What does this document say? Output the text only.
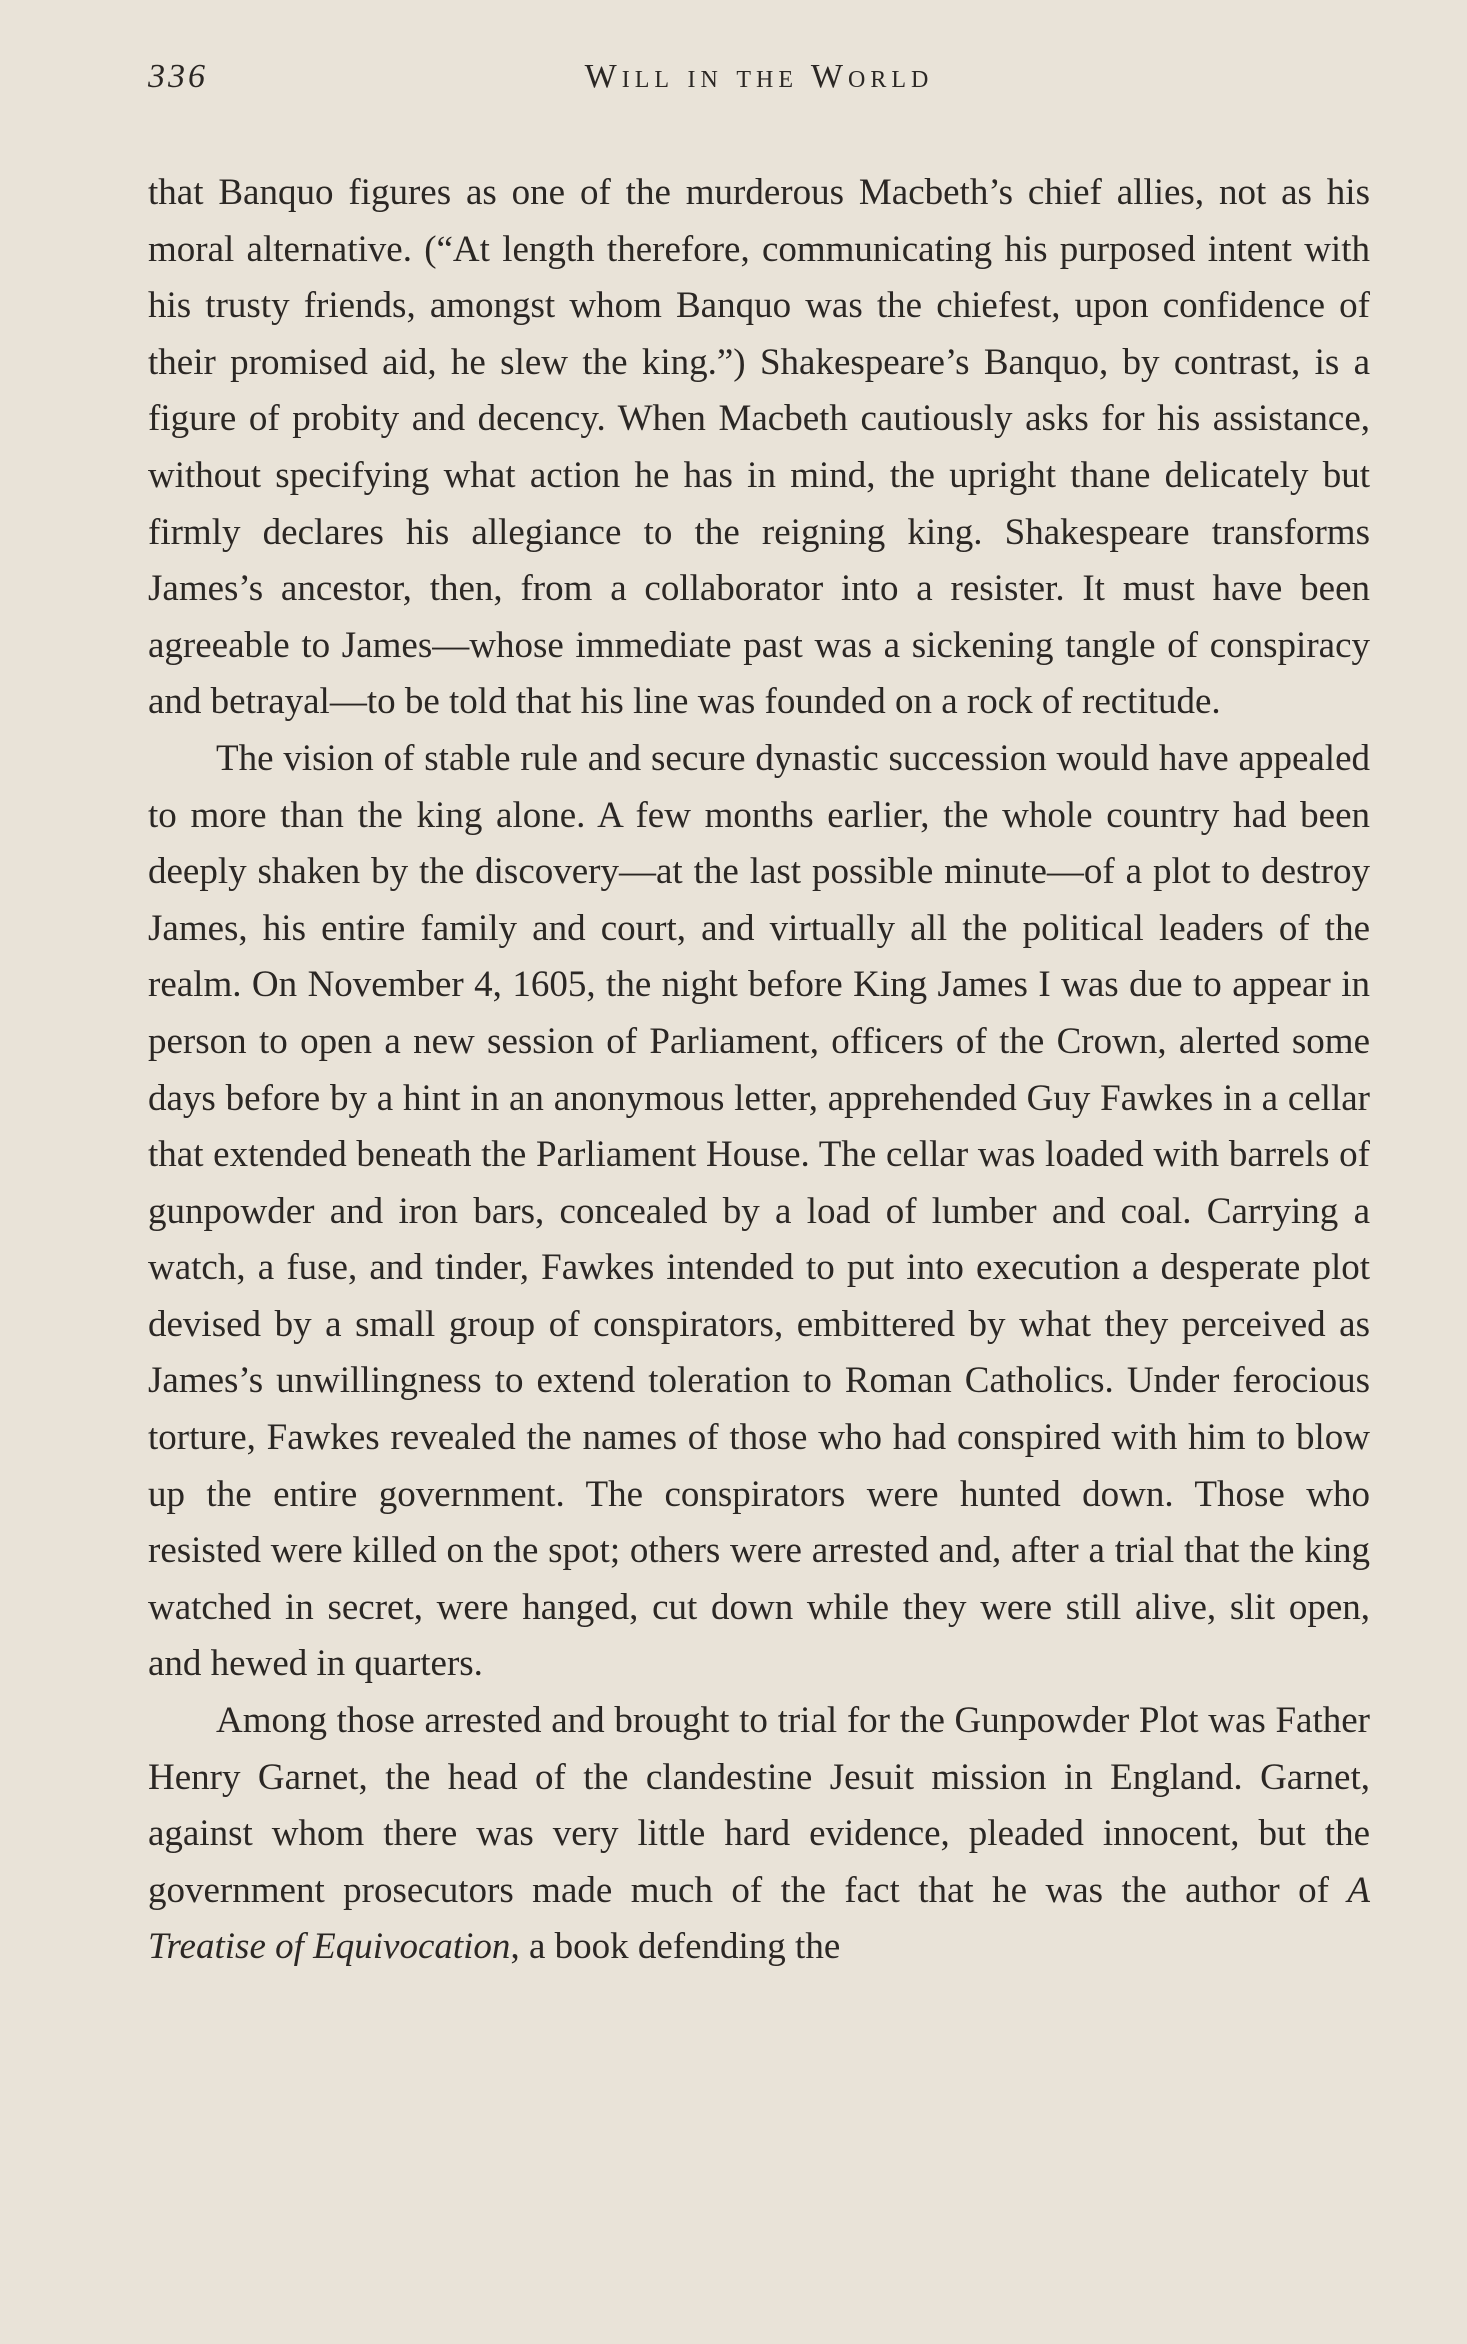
336	Will in the World

that Banquo figures as one of the murderous Macbeth’s chief allies, not as his moral alternative. (“At length therefore, communicating his purposed intent with his trusty friends, amongst whom Banquo was the chiefest, upon confidence of their promised aid, he slew the king.”) Shakespeare’s Banquo, by contrast, is a figure of probity and decency. When Macbeth cautiously asks for his assistance, without specifying what action he has in mind, the upright thane delicately but firmly declares his allegiance to the reigning king. Shakespeare transforms James’s ancestor, then, from a collaborator into a resister. It must have been agreeable to James—whose immediate past was a sickening tangle of conspiracy and betrayal—to be told that his line was founded on a rock of rectitude.

The vision of stable rule and secure dynastic succession would have appealed to more than the king alone. A few months earlier, the whole country had been deeply shaken by the discovery—at the last possible minute—of a plot to destroy James, his entire family and court, and virtually all the political leaders of the realm. On November 4, 1605, the night before King James I was due to appear in person to open a new session of Parliament, officers of the Crown, alerted some days before by a hint in an anonymous letter, apprehended Guy Fawkes in a cellar that extended beneath the Parliament House. The cellar was loaded with barrels of gunpowder and iron bars, concealed by a load of lumber and coal. Carrying a watch, a fuse, and tinder, Fawkes intended to put into execution a desperate plot devised by a small group of conspirators, embittered by what they perceived as James’s unwillingness to extend toleration to Roman Catholics. Under ferocious torture, Fawkes revealed the names of those who had conspired with him to blow up the entire government. The conspirators were hunted down. Those who resisted were killed on the spot; others were arrested and, after a trial that the king watched in secret, were hanged, cut down while they were still alive, slit open, and hewed in quarters.

Among those arrested and brought to trial for the Gunpowder Plot was Father Henry Garnet, the head of the clandestine Jesuit mission in England. Garnet, against whom there was very little hard evidence, pleaded innocent, but the government prosecutors made much of the fact that he was the author of A Treatise of Equivocation, a book defending the
